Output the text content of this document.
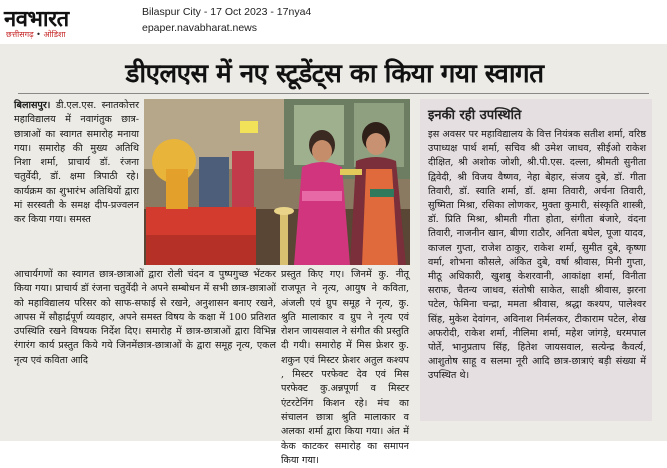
नवभारत
छत्तीसगढ़ • ओडिशा
Bilaspur City - 17 Oct 2023 - 17nya4
epaper.navabharat.news
डीएलएस में नए स्टूडेंट्स का किया गया स्वागत
बिलासपुर। डी.एल.एस. स्नातकोत्तर महाविद्यालय में नवागंतुक छात्र-छात्राओं का स्वागत समारोह मनाया गया। समारोह की मुख्य अतिथि निशा शर्मा, प्राचार्य डॉ. रंजना चतुर्वेदी, डॉ. क्षमा त्रिपाठी रहे। कार्यक्रम का शुभारंभ अतिथियों द्वारा मां सरस्वती के समक्ष दीप-प्रज्वलन कर किया गया। समस्त
आचार्यगणों का स्वागत छात्र-छात्राओं द्वारा रोली चंदन व पुष्पगुच्छ भेंटकर किया गया। प्राचार्य डॉ रंजना चतुर्वेदी ने अपने सम्बोधन में सभी छात्र-छात्राओं को महाविद्यालय परिसर को साफ-सफाई से रखने, अनुशासन बनाए रखने, आपस में सौहार्द्रपूर्ण व्यवहार, अपने समस्त विषय के कक्षा में 100 प्रतिशत उपस्थिति रखने विषयक निर्देश दिए। समारोह में छात्र-छात्राओं द्वारा विभिन्न रंगारंग कार्य प्रस्तुत किये गये जिनमेंछात्र-छात्राओं के द्वारा समूह नृत्य, एकल नृत्य एवं कविता आदि
प्रस्तुत किए गए। जिनमें कु. नीतू राजपूत ने नृत्य, आयुष ने कविता, अंजली एवं ग्रुप समूह ने नृत्य, कु. श्रुति मालाकार व ग्रुप ने नृत्य एवं रोशन जायसवाल ने संगीत की प्रस्तुति दी गयी। समारोह में मिस फ्रेशर कु. शकुन एवं मिस्टर फ्रेशर अतुल कश्यप , मिस्टर परफेक्ट देव एवं मिस परफेक्ट कु.अन्नपूर्णा व मिस्टर एंटरटेनिंग किशन रहे। मंच का संचालन छात्रा श्रुति मालाकार व अलका शर्मा द्वारा किया गया। अंत में केक काटकर समारोह का समापन किया गया।
इनकी रही उपस्थिति
इस अवसर पर महाविद्यालय के वित्त नियंत्रक सतीश शर्मा, वरिष्ठ उपाध्यक्ष पार्थ शर्मा, सचिव श्री उमेश जाधव, सीईओ राकेश दीक्षित, श्री अशोक जोशी, श्री.पी.एस. दल्ला, श्रीमती सुनीता द्विवेदी, श्री विजय वैष्णव, नेहा बेहार, संजय दुबे, डॉ. गीता तिवारी, डॉ. स्वाति शर्मा, डॉ. क्षमा तिवारी, अर्चना तिवारी, सुष्मिता मिश्रा, रसिका लोणकर, मुक्ता कुमारी, संस्कृति शास्त्री, डॉ. प्रिति मिश्रा, श्रीमती गीता होता, संगीता बंजारे, वंदना तिवारी, नाजनीन खान, बीणा राठौर, अनिता बघेल, पूजा यादव, काजल गुप्ता, राजेश ठाकुर, राकेश शर्मा, सुमीत दुबे, कृष्णा वर्मा, शोभना कौसले, अंकित दुबे, वर्षा श्रीवास, मिनी गुप्ता, मीठू अधिकारी, खुशबु केशरवानी, आकांक्षा शर्मा, विनीता सराफ, चैतन्य जाधव, संतोषी साकेत, साक्षी श्रीवास, झरना पटेल, फेमिना चन्द्रा, ममता श्रीवास, श्रद्धा कश्यप, पालेश्वर सिंह, मुकेश देवांगन, अविनाश निर्मलकर, टीकाराम पटेल, शेख अफरोदी, राकेश शर्मा, नीलिमा शर्मा, महेश जांगड़े, धरमपाल पोर्ते, भानुप्रताप सिंह, हितेश जायसवाल, सत्येन्द्र कैवर्त्य, आशुतोष साहू व सलमा नूरी आदि छात्र-छात्राएं बड़ी संख्या में उपस्थित थे।
